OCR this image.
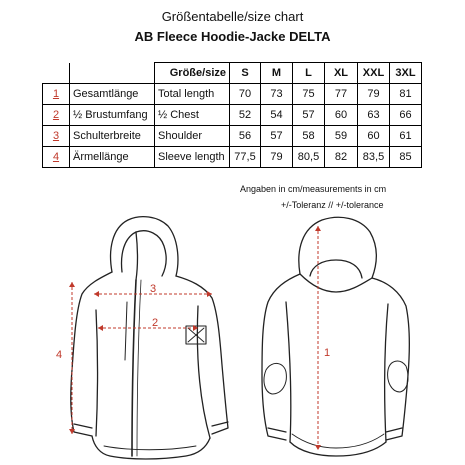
Größentabelle/size chart
AB Fleece Hoodie-Jacke DELTA
		Größe/size	S	M	L	XL	XXL	3XL
1	Gesamtlänge	Total length	70	73	75	77	79	81
2	½ Brustumfang	½ Chest	52	54	57	60	63	66
3	Schulterbreite	Shoulder	56	57	58	59	60	61
4	Ärmellänge	Sleeve length	77,5	79	80,5	82	83,5	85
Angaben in cm/measurements in cm
+/-Toleranz // +/-tolerance
3
2
4	1
